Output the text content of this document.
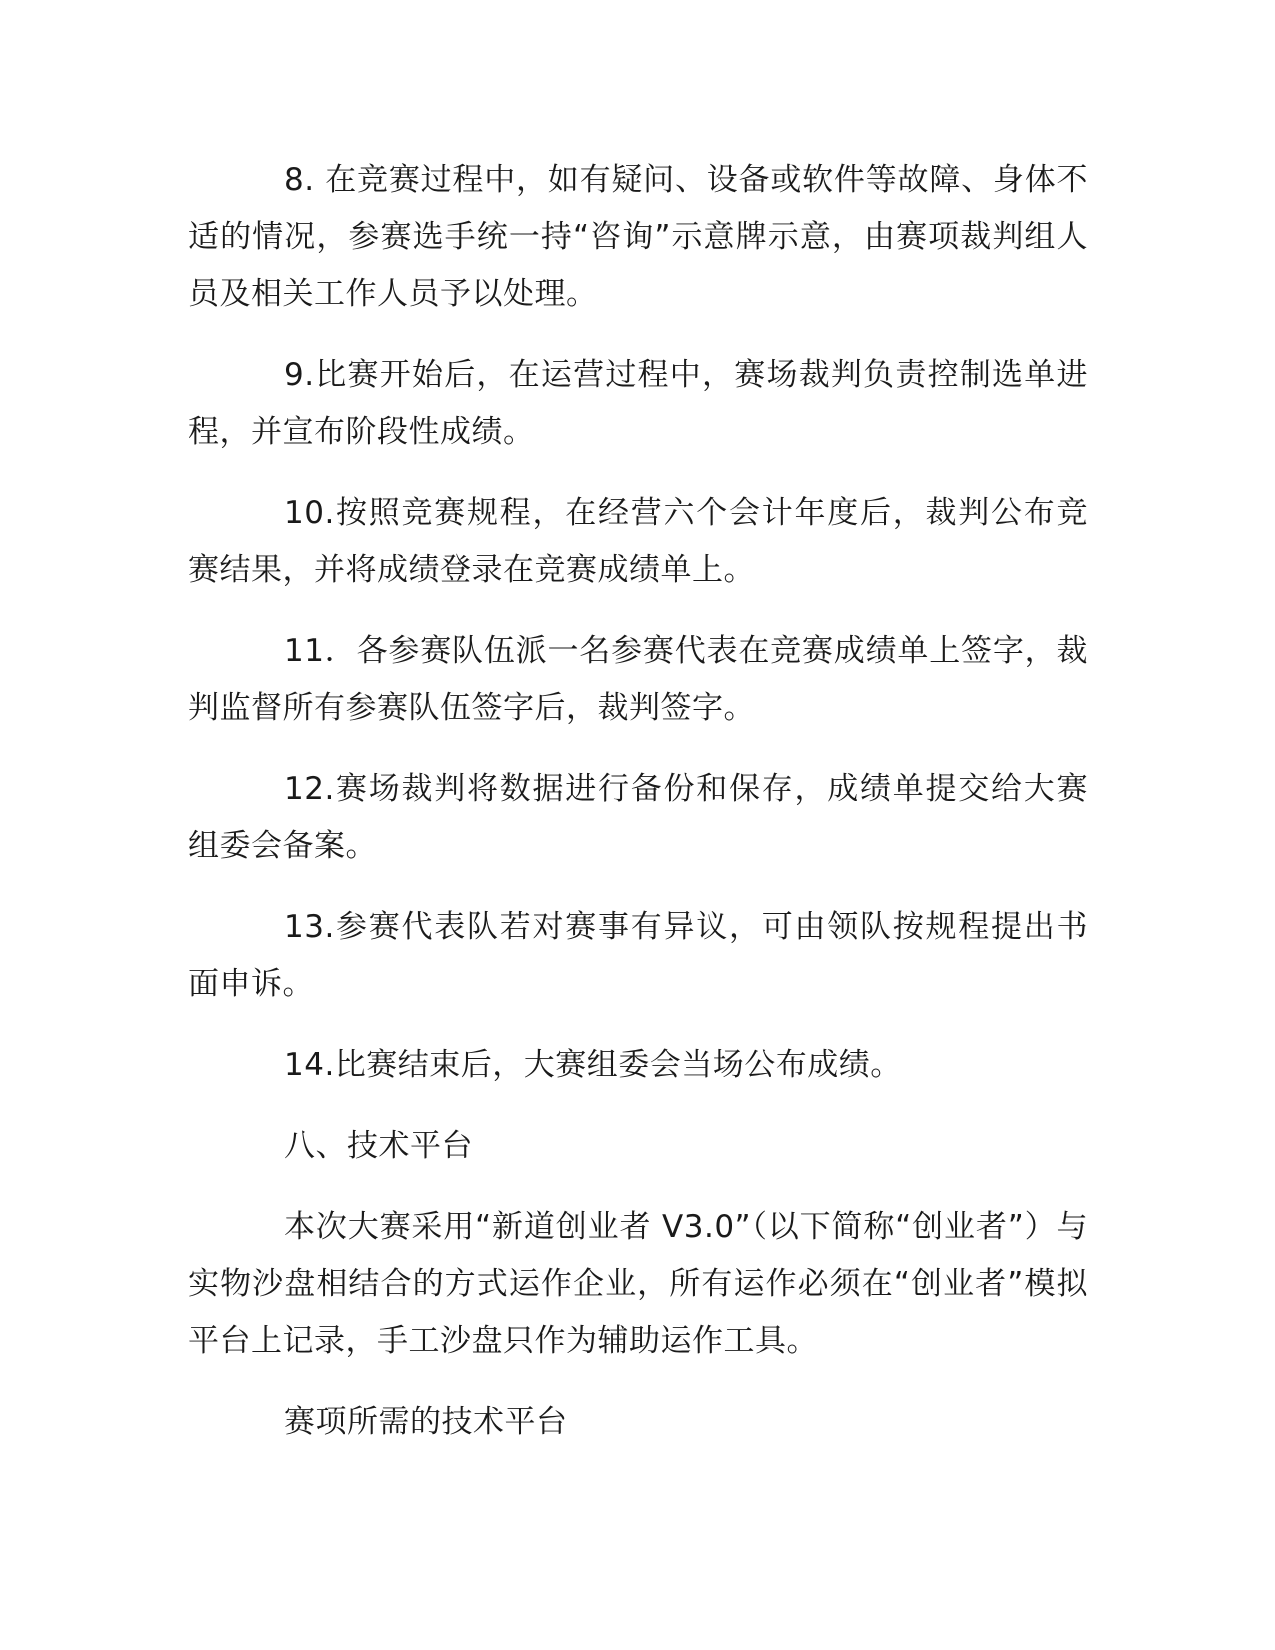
8. 在竞赛过程中，如有疑问、设备或软件等故障、身体不适的情况，参赛选手统一持“咨询”示意牌示意，由赛项裁判组人员及相关工作人员予以处理。

9.比赛开始后，在运营过程中，赛场裁判负责控制选单进程，并宣布阶段性成绩。

10.按照竞赛规程，在经营六个会计年度后，裁判公布竞赛结果，并将成绩登录在竞赛成绩单上。

11．各参赛队伍派一名参赛代表在竞赛成绩单上签字，裁判监督所有参赛队伍签字后，裁判签字。

12.赛场裁判将数据进行备份和保存，成绩单提交给大赛组委会备案。

13.参赛代表队若对赛事有异议，可由领队按规程提出书面申诉。

14.比赛结束后，大赛组委会当场公布成绩。

八、技术平台

本次大赛采用“新道创业者 V3.0”（以下简称“创业者”）与实物沙盘相结合的方式运作企业，所有运作必须在“创业者”模拟平台上记录，手工沙盘只作为辅助运作工具。

赛项所需的技术平台
